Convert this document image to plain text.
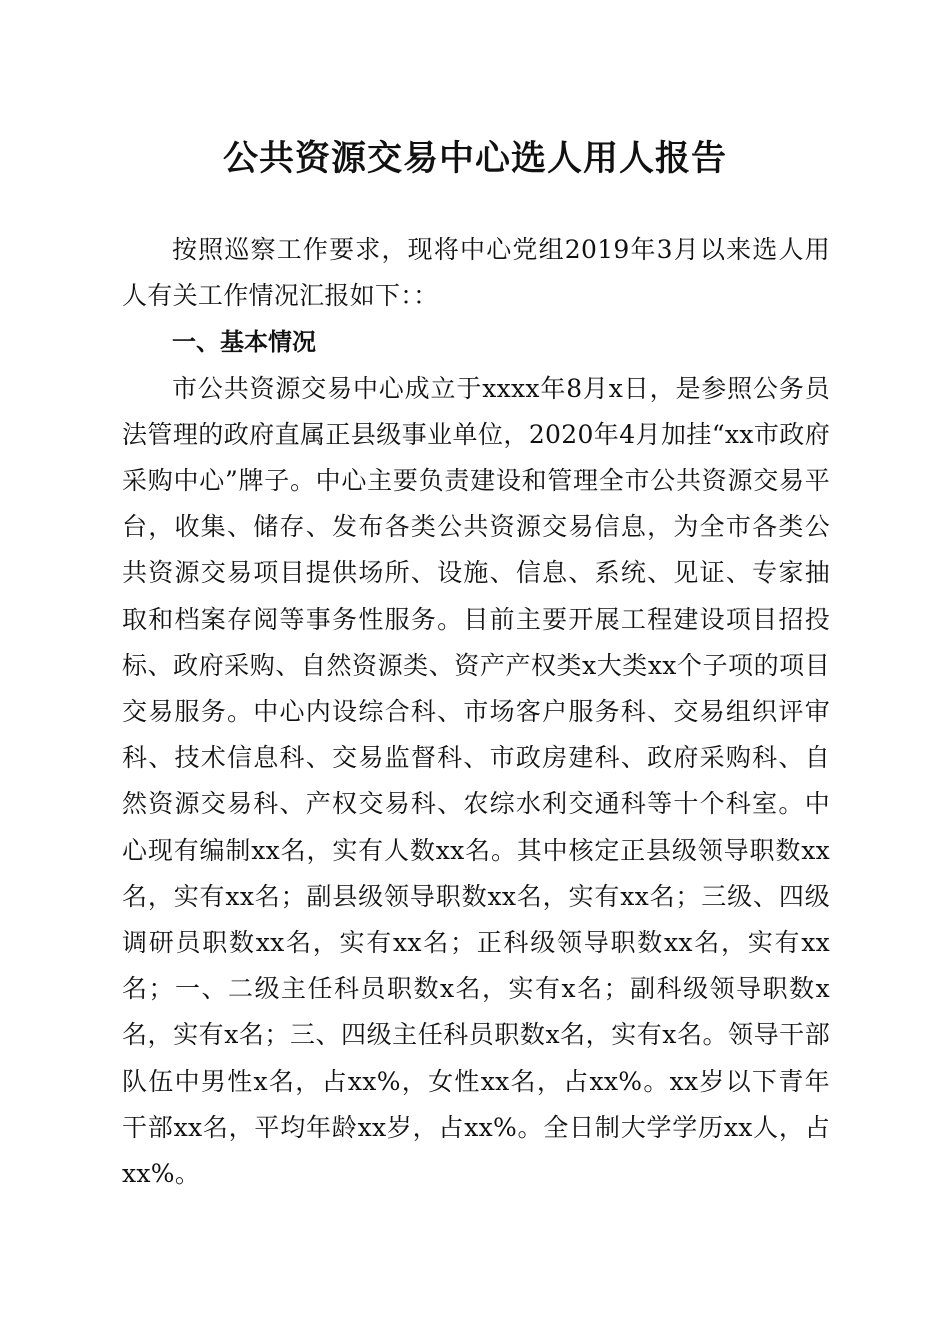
公共资源交易中心选人用人报告

按照巡察工作要求，现将中心党组2019年3月以来选人用人有关工作情况汇报如下：：

一、基本情况

市公共资源交易中心成立于xxxx年8月x日，是参照公务员法管理的政府直属正县级事业单位，2020年4月加挂“xx市政府采购中心”牌子。中心主要负责建设和管理全市公共资源交易平台，收集、储存、发布各类公共资源交易信息，为全市各类公共资源交易项目提供场所、设施、信息、系统、见证、专家抽取和档案存阅等事务性服务。目前主要开展工程建设项目招投标、政府采购、自然资源类、资产产权类x大类xx个子项的项目交易服务。中心内设综合科、市场客户服务科、交易组织评审科、技术信息科、交易监督科、市政房建科、政府采购科、自然资源交易科、产权交易科、农综水利交通科等十个科室。中心现有编制xx名，实有人数xx名。其中核定正县级领导职数xx名，实有xx名；副县级领导职数xx名，实有xx名；三级、四级调研员职数xx名，实有xx名；正科级领导职数xx名，实有xx名；一、二级主任科员职数x名，实有x名；副科级领导职数x名，实有x名；三、四级主任科员职数x名，实有x名。领导干部队伍中男性x名，占xx%，女性xx名，占xx%。xx岁以下青年干部xx名，平均年龄xx岁，占xx%。全日制大学学历xx人，占xx%。
